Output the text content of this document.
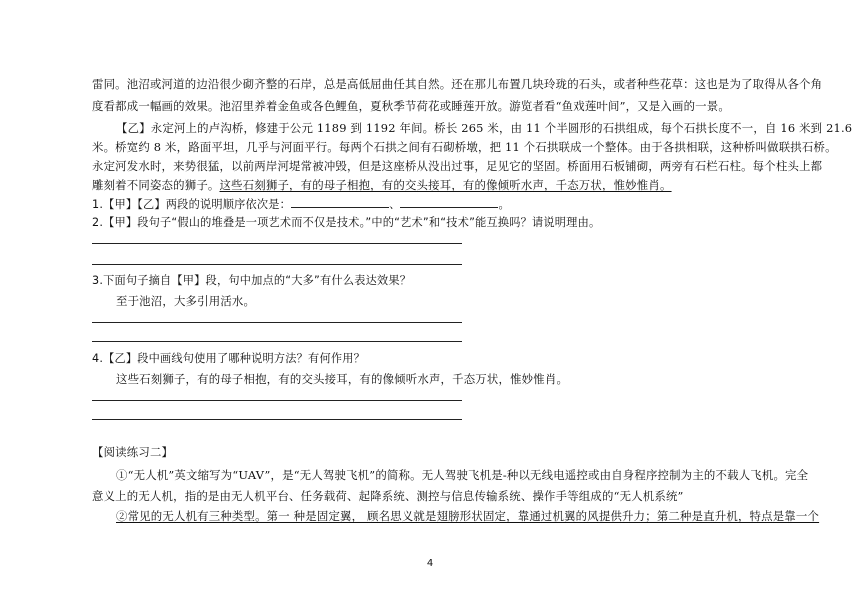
雷同。池沼或河道的边沿很少砌齐整的石岸，总是高低屈曲任其自然。还在那儿布置几块玲珑的石头，或者种些花草：这也是为了取得从各个角
度看都成一幅画的效果。池沼里养着金鱼或各色鲤鱼，夏秋季节荷花或睡莲开放。游览者看“鱼戏莲叶间”，又是入画的一景。
【乙】永定河上的卢沟桥，修建于公元 1189 到 1192 年间。桥长 265 米，由 11 个半圆形的石拱组成，每个石拱长度不一，自 16 米到 21.6
米。桥宽约 8 米，路面平坦，几乎与河面平行。每两个石拱之间有石砌桥墩，把 11 个石拱联成一个整体。由于各拱相联，这种桥叫做联拱石桥。
永定河发水时，来势很猛，以前两岸河堤常被冲毁，但是这座桥从没出过事，足见它的坚固。桥面用石板铺砌，两旁有石栏石柱。每个柱头上都
雕刻着不同姿态的狮子。这些石刻狮子，有的母子相抱，有的交头接耳，有的像倾听水声，千态万状，惟妙惟肖。
1.【甲】【乙】两段的说明顺序依次是：	、	。
2.【甲】段句子“假山的堆叠是一项艺术而不仅是技术。”中的“艺术”和“技术”能互换吗？请说明理由。
3.下面句子摘自【甲】段，句中加点的“大多”有什么表达效果？
至于池沼，大多引用活水。
4.【乙】段中画线句使用了哪种说明方法？有何作用？
这些石刻狮子，有的母子相抱，有的交头接耳，有的像倾听水声，千态万状，惟妙惟肖。
【阅读练习二】
①“无人机”英文缩写为“UAV”，是“无人驾驶飞机”的简称。无人驾驶飞机是-种以无线电遥控或由自身程序控制为主的不载人飞机。完全
意义上的无人机，指的是由无人机平台、任务载荷、起降系统、测控与信息传输系统、操作手等组成的“无人机系统”
②常见的无人机有三种类型。第一 种是固定翼， 顾名思义就是翅膀形状固定，靠通过机翼的风提供升力；第二种是直升机，特点是靠一个
4
